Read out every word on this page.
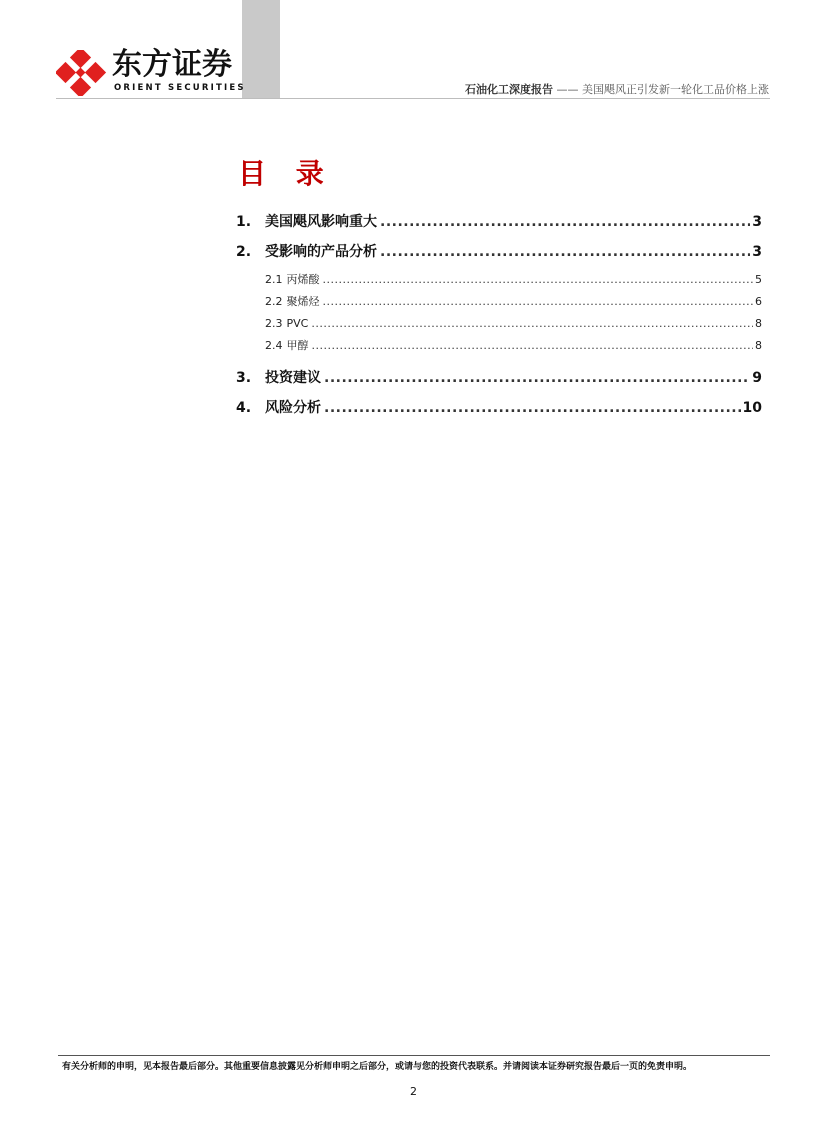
东方证券
ORIENT SECURITIES	石油化工深度报告 —— 美国飓风正引发新一轮化工品价格上涨
目 录
1. 美国飓风影响重大 .....	3
2. 受影响的产品分析 .....	3
2.1 丙烯酸 .....	5
2.2 聚烯烃 .....	6
2.3 PVC .....	8
2.4 甲醇 .....	8
3. 投资建议 .....	9
4. 风险分析 .....	10
有关分析师的申明，见本报告最后部分。其他重要信息披露见分析师申明之后部分，或请与您的投资代表联系。并请阅读本证券研究报告最后一页的免责申明。
2
